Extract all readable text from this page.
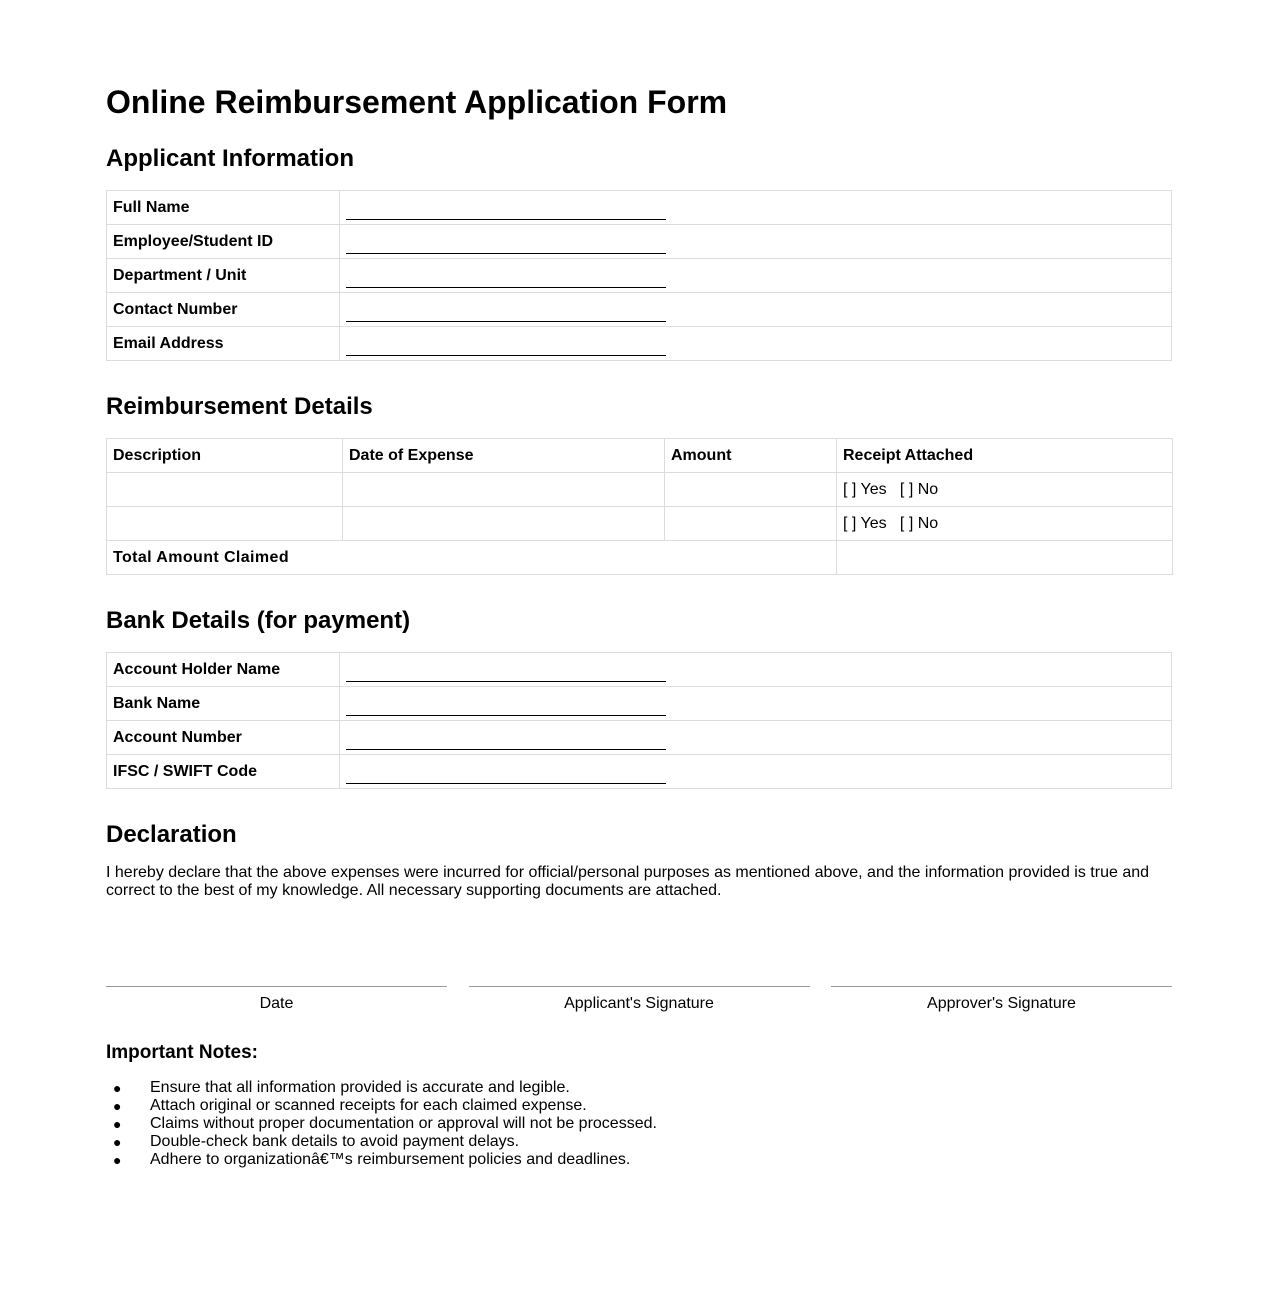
Online Reimbursement Application Form
Applicant Information
Full Name	
Employee/Student ID	
Department / Unit	
Contact Number	
Email Address	
Reimbursement Details
Description	Date of Expense	Amount	Receipt Attached
			[ ] Yes   [ ] No
			[ ] Yes   [ ] No
Total Amount Claimed			
Bank Details (for payment)
Account Holder Name	
Bank Name	
Account Number	
IFSC / SWIFT Code	
Declaration

I hereby declare that the above expenses were incurred for official/personal purposes as mentioned above, and the information provided is true and correct to the best of my knowledge. All necessary supporting documents are attached.

Date	Applicant's Signature	Approver's Signature
Important Notes:
● Ensure that all information provided is accurate and legible.
● Attach original or scanned receipts for each claimed expense.
● Claims without proper documentation or approval will not be processed.
● Double-check bank details to avoid payment delays.
● Adhere to organizationâ€™s reimbursement policies and deadlines.
